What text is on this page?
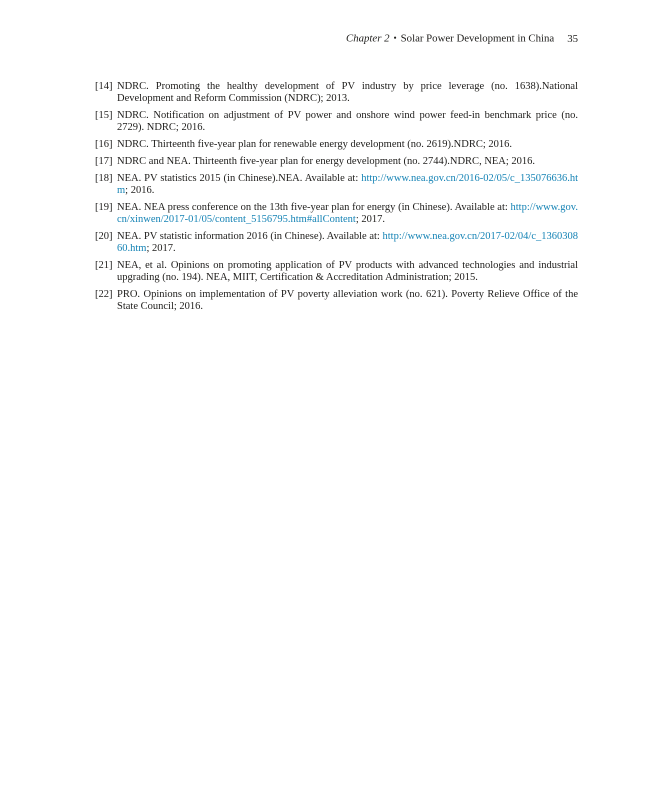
Chapter 2 • Solar Power Development in China 35
[14] NDRC. Promoting the healthy development of PV industry by price leverage (no. 1638).National Development and Reform Commission (NDRC); 2013.
[15] NDRC. Notification on adjustment of PV power and onshore wind power feed-in benchmark price (no. 2729). NDRC; 2016.
[16] NDRC. Thirteenth five-year plan for renewable energy development (no. 2619).NDRC; 2016.
[17] NDRC and NEA. Thirteenth five-year plan for energy development (no. 2744).NDRC, NEA; 2016.
[18] NEA. PV statistics 2015 (in Chinese).NEA. Available at: http://www.nea.gov.cn/2016-02/05/c_135076636.htm; 2016.
[19] NEA. NEA press conference on the 13th five-year plan for energy (in Chinese). Available at: http://www.gov.cn/xinwen/2017-01/05/content_5156795.htm#allContent; 2017.
[20] NEA. PV statistic information 2016 (in Chinese). Available at: http://www.nea.gov.cn/2017-02/04/c_136030860.htm; 2017.
[21] NEA, et al. Opinions on promoting application of PV products with advanced technologies and industrial upgrading (no. 194). NEA, MIIT, Certification & Accreditation Administration; 2015.
[22] PRO. Opinions on implementation of PV poverty alleviation work (no. 621). Poverty Relieve Office of the State Council; 2016.
